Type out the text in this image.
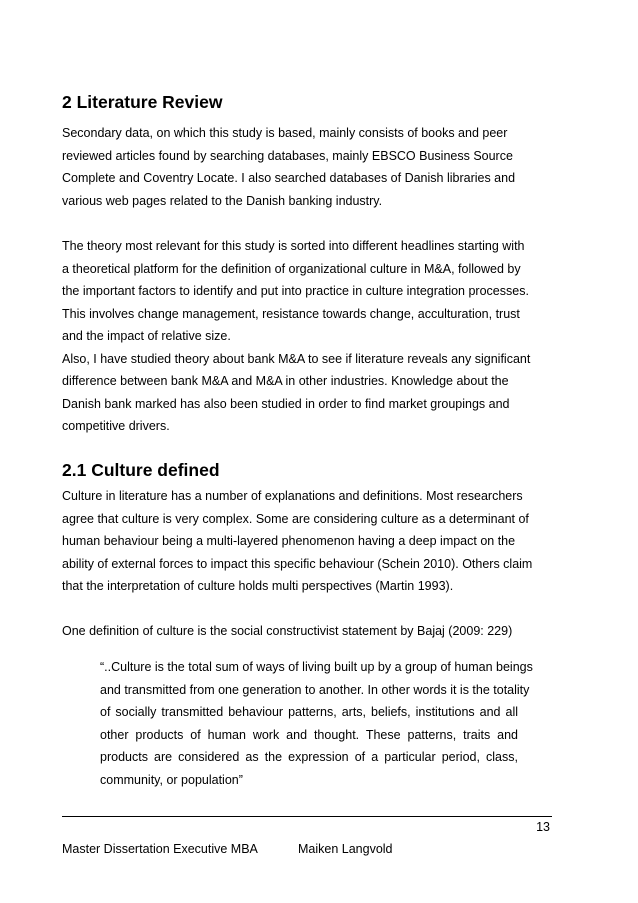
2 Literature Review
Secondary data, on which this study is based, mainly consists of books and peer
reviewed articles found by searching databases, mainly EBSCO Business Source
Complete and Coventry Locate. I also searched databases of Danish libraries and
various web pages related to the Danish banking industry.
The theory most relevant for this study is sorted into different headlines starting with
a theoretical platform for the definition of organizational culture in M&A, followed by
the important factors to identify and put into practice in culture integration processes.
This involves change management, resistance towards change, acculturation, trust
and the impact of relative size.
Also, I have studied theory about bank M&A to see if literature reveals any significant
difference between bank M&A and M&A in other industries. Knowledge about the
Danish bank marked has also been studied in order to find market groupings and
competitive drivers.
2.1 Culture defined
Culture in literature has a number of explanations and definitions. Most researchers
agree that culture is very complex. Some are considering culture as a determinant of
human behaviour being a multi-layered phenomenon having a deep impact on the
ability of external forces to impact this specific behaviour (Schein 2010). Others claim
that the interpretation of culture holds multi perspectives (Martin 1993).
One definition of culture is the social constructivist statement by Bajaj (2009: 229)
“..Culture is the total sum of ways of living built up by a group of human beings
and transmitted from one generation to another. In other words it is the totality
of socially transmitted behaviour patterns, arts, beliefs, institutions and all
other products of human work and thought. These patterns, traits and
products are considered as the expression of a particular period, class,
community, or population”
13
Master Dissertation Executive MBA	Maiken Langvold
